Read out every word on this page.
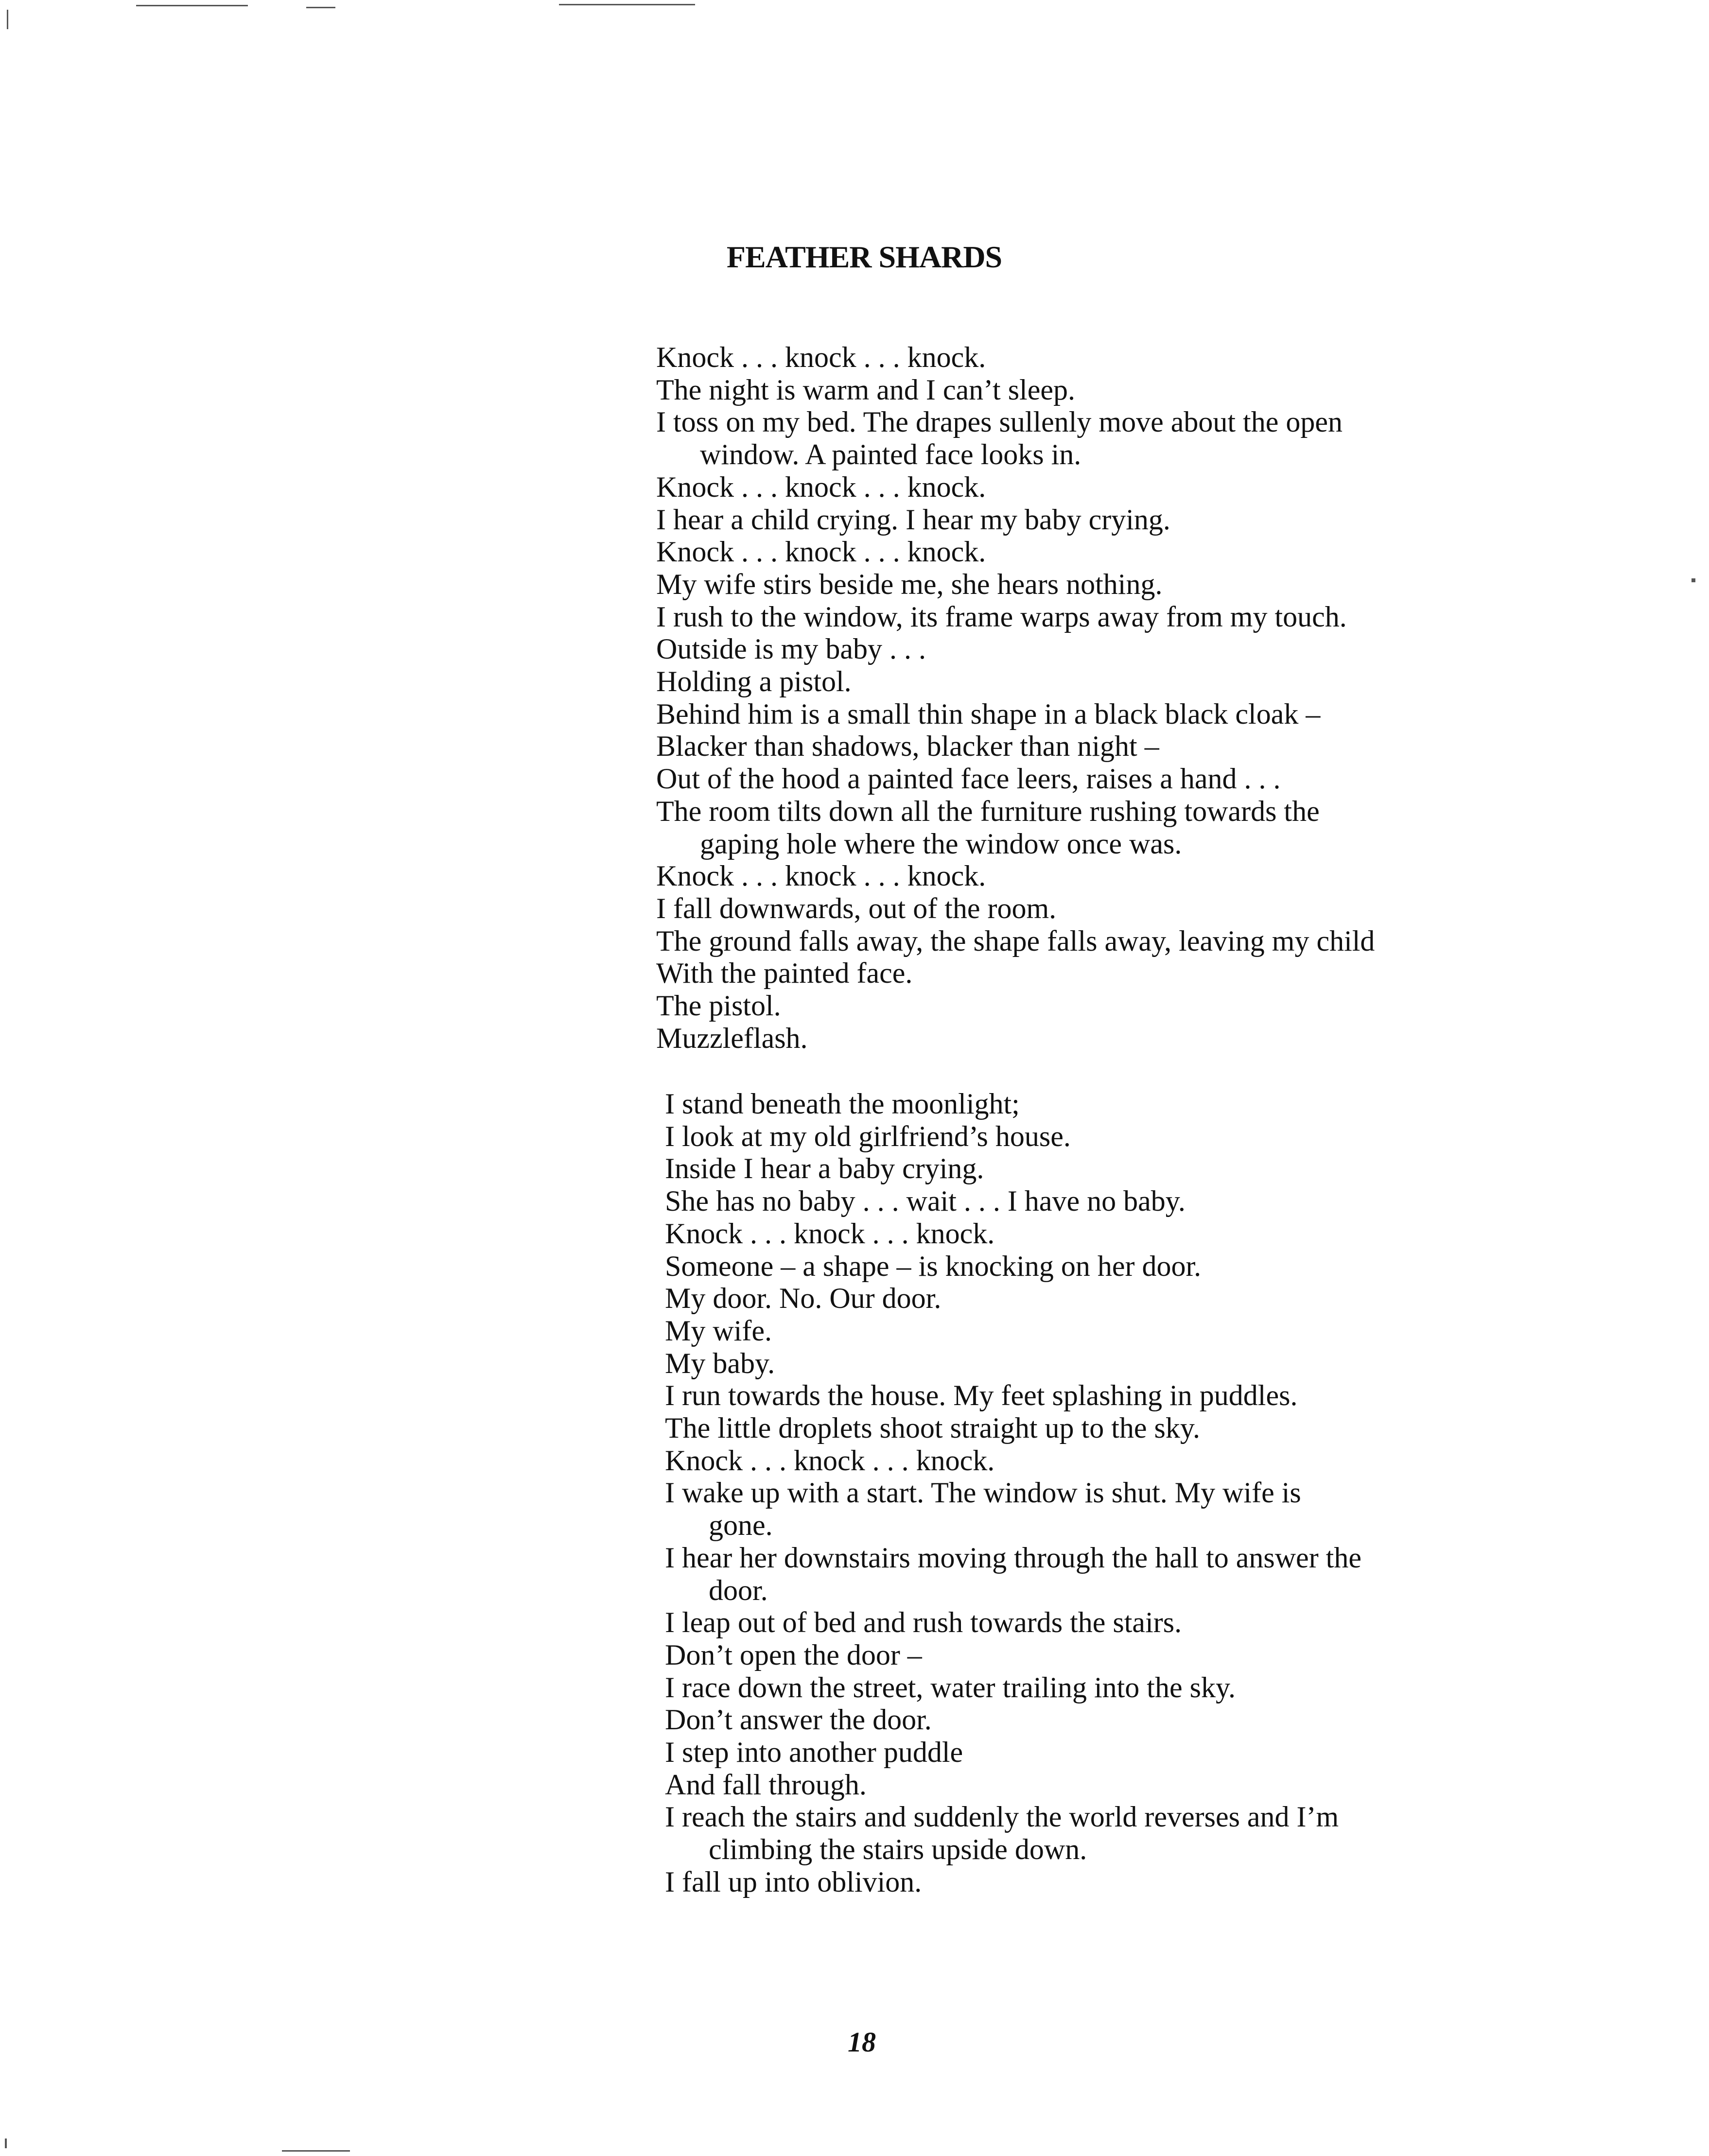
FEATHER SHARDS
Knock . . . knock . . . knock.
The night is warm and I can’t sleep.
I toss on my bed. The drapes sullenly move about the open
window. A painted face looks in.
Knock . . . knock . . . knock.
I hear a child crying. I hear my baby crying.
Knock . . . knock . . . knock.
My wife stirs beside me, she hears nothing.
I rush to the window, its frame warps away from my touch.
Outside is my baby . . .
Holding a pistol.
Behind him is a small thin shape in a black black cloak –
Blacker than shadows, blacker than night –
Out of the hood a painted face leers, raises a hand . . .
The room tilts down all the furniture rushing towards the
gaping hole where the window once was.
Knock . . . knock . . . knock.
I fall downwards, out of the room.
The ground falls away, the shape falls away, leaving my child
With the painted face.
The pistol.
Muzzleflash.
I stand beneath the moonlight;
I look at my old girlfriend’s house.
Inside I hear a baby crying.
She has no baby . . . wait . . . I have no baby.
Knock . . . knock . . . knock.
Someone – a shape – is knocking on her door.
My door. No. Our door.
My wife.
My baby.
I run towards the house. My feet splashing in puddles.
The little droplets shoot straight up to the sky.
Knock . . . knock . . . knock.
I wake up with a start. The window is shut. My wife is
gone.
I hear her downstairs moving through the hall to answer the
door.
I leap out of bed and rush towards the stairs.
Don’t open the door –
I race down the street, water trailing into the sky.
Don’t answer the door.
I step into another puddle
And fall through.
I reach the stairs and suddenly the world reverses and I’m
climbing the stairs upside down.
I fall up into oblivion.
18
